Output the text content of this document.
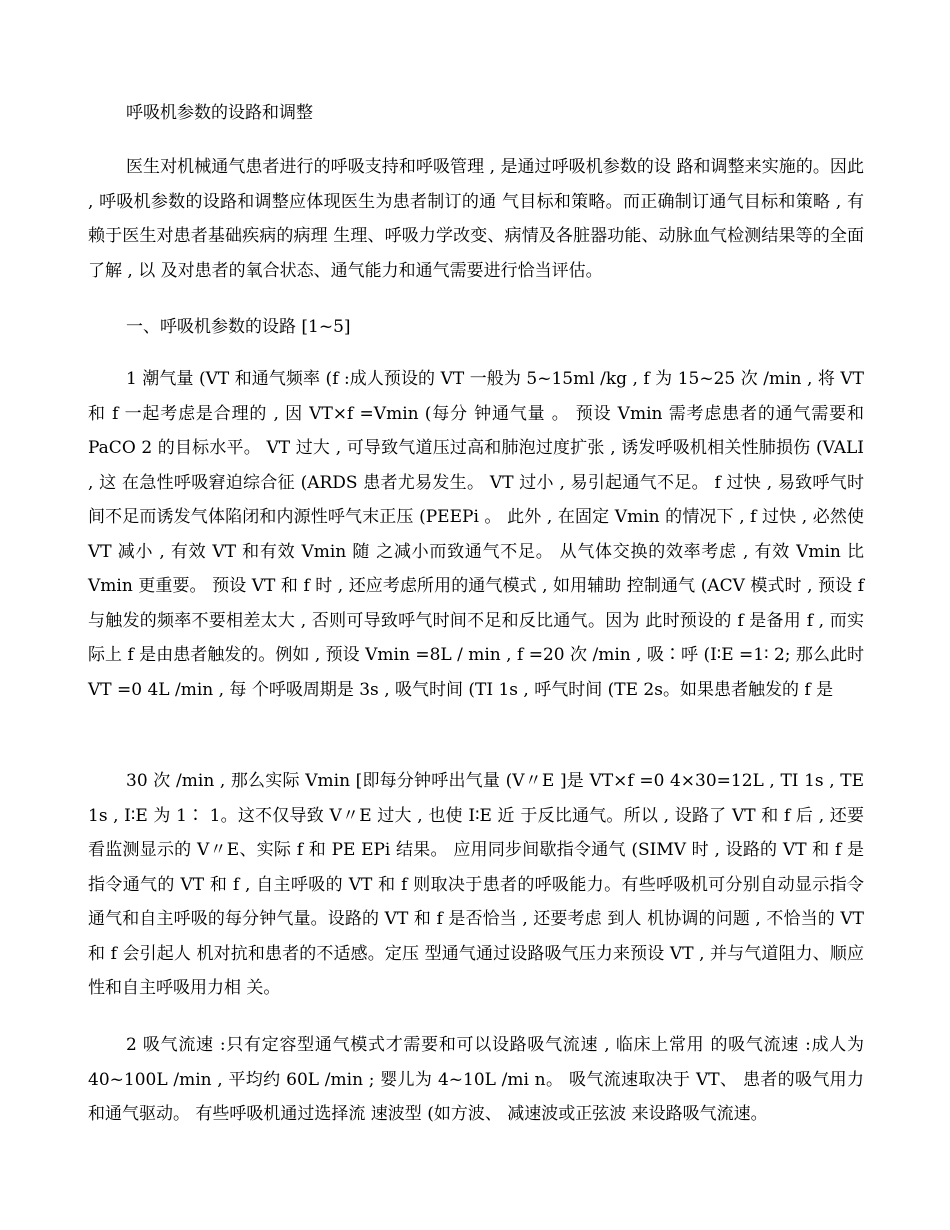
呼吸机参数的设路和调整

医生对机械通气患者进行的呼吸支持和呼吸管理 , 是通过呼吸机参数的设 路和调整来实施的。因此 , 呼吸机参数的设路和调整应体现医生为患者制订的通 气目标和策略。而正确制订通气目标和策略 , 有赖于医生对患者基础疾病的病理 生理、呼吸力学改变、病情及各脏器功能、动脉血气检测结果等的全面了解 , 以 及对患者的氧合状态、通气能力和通气需要进行恰当评估。

一、呼吸机参数的设路 [1~5]

1 潮气量 (VT 和通气频率 (f :成人预设的 VT 一般为 5~15ml /kg , f 为 15~25 次 /min , 将 VT 和 f 一起考虑是合理的 , 因 VT×f =Vmin (每分 钟通气量 。 预设 Vmin 需考虑患者的通气需要和 PaCO 2 的目标水平。 VT 过大 , 可导致气道压过高和肺泡过度扩张 , 诱发呼吸机相关性肺损伤 (VALI , 这 在急性呼吸窘迫综合征 (ARDS 患者尤易发生。 VT 过小 , 易引起通气不足。 f 过快 , 易致呼气时间不足而诱发气体陷闭和内源性呼气末正压 (PEEPi 。 此外 , 在固定 Vmin 的情况下 , f 过快 , 必然使 VT 减小 , 有效 VT 和有效 Vmin 随 之减小而致通气不足。 从气体交换的效率考虑 , 有效 Vmin 比 Vmin 更重要。 预设 VT 和 f 时 , 还应考虑所用的通气模式 , 如用辅助 控制通气 (ACV 模式时 , 预设 f 与触发的频率不要相差太大 , 否则可导致呼气时间不足和反比通气。因为 此时预设的 f 是备用 f , 而实际上 f 是由患者触发的。例如 , 预设 Vmin =8L / min , f =20 次 /min , 吸∶呼 (I∶E =1∶ 2; 那么此时 VT =0 4L /min , 每 个呼吸周期是 3s , 吸气时间 (TI 1s , 呼气时间 (TE 2s。如果患者触发的 f 是

30 次 /min , 那么实际 Vmin [即每分钟呼出气量 (V〃E ]是 VT×f =0 4×30=12L , TI 1s , TE 1s , I∶E 为 1∶ 1。这不仅导致 V〃E 过大 , 也使 I∶E 近 于反比通气。所以 , 设路了 VT 和 f 后 , 还要看监测显示的 V〃E、实际 f 和 PE EPi 结果。 应用同步间歇指令通气 (SIMV 时 , 设路的 VT 和 f 是指令通气的 VT 和 f , 自主呼吸的 VT 和 f 则取决于患者的呼吸能力。有些呼吸机可分别自动显示指令通气和自主呼吸的每分钟气量。设路的 VT 和 f 是否恰当 , 还要考虑 到人 机协调的问题 , 不恰当的 VT 和 f 会引起人 机对抗和患者的不适感。定压 型通气通过设路吸气压力来预设 VT , 并与气道阻力、顺应性和自主呼吸用力相 关。

2 吸气流速 :只有定容型通气模式才需要和可以设路吸气流速 , 临床上常用 的吸气流速 :成人为 40~100L /min , 平均约 60L /min ; 婴儿为 4~10L /mi n。 吸气流速取决于 VT、 患者的吸气用力和通气驱动。 有些呼吸机通过选择流 速波型 (如方波、 减速波或正弦波 来设路吸气流速。
